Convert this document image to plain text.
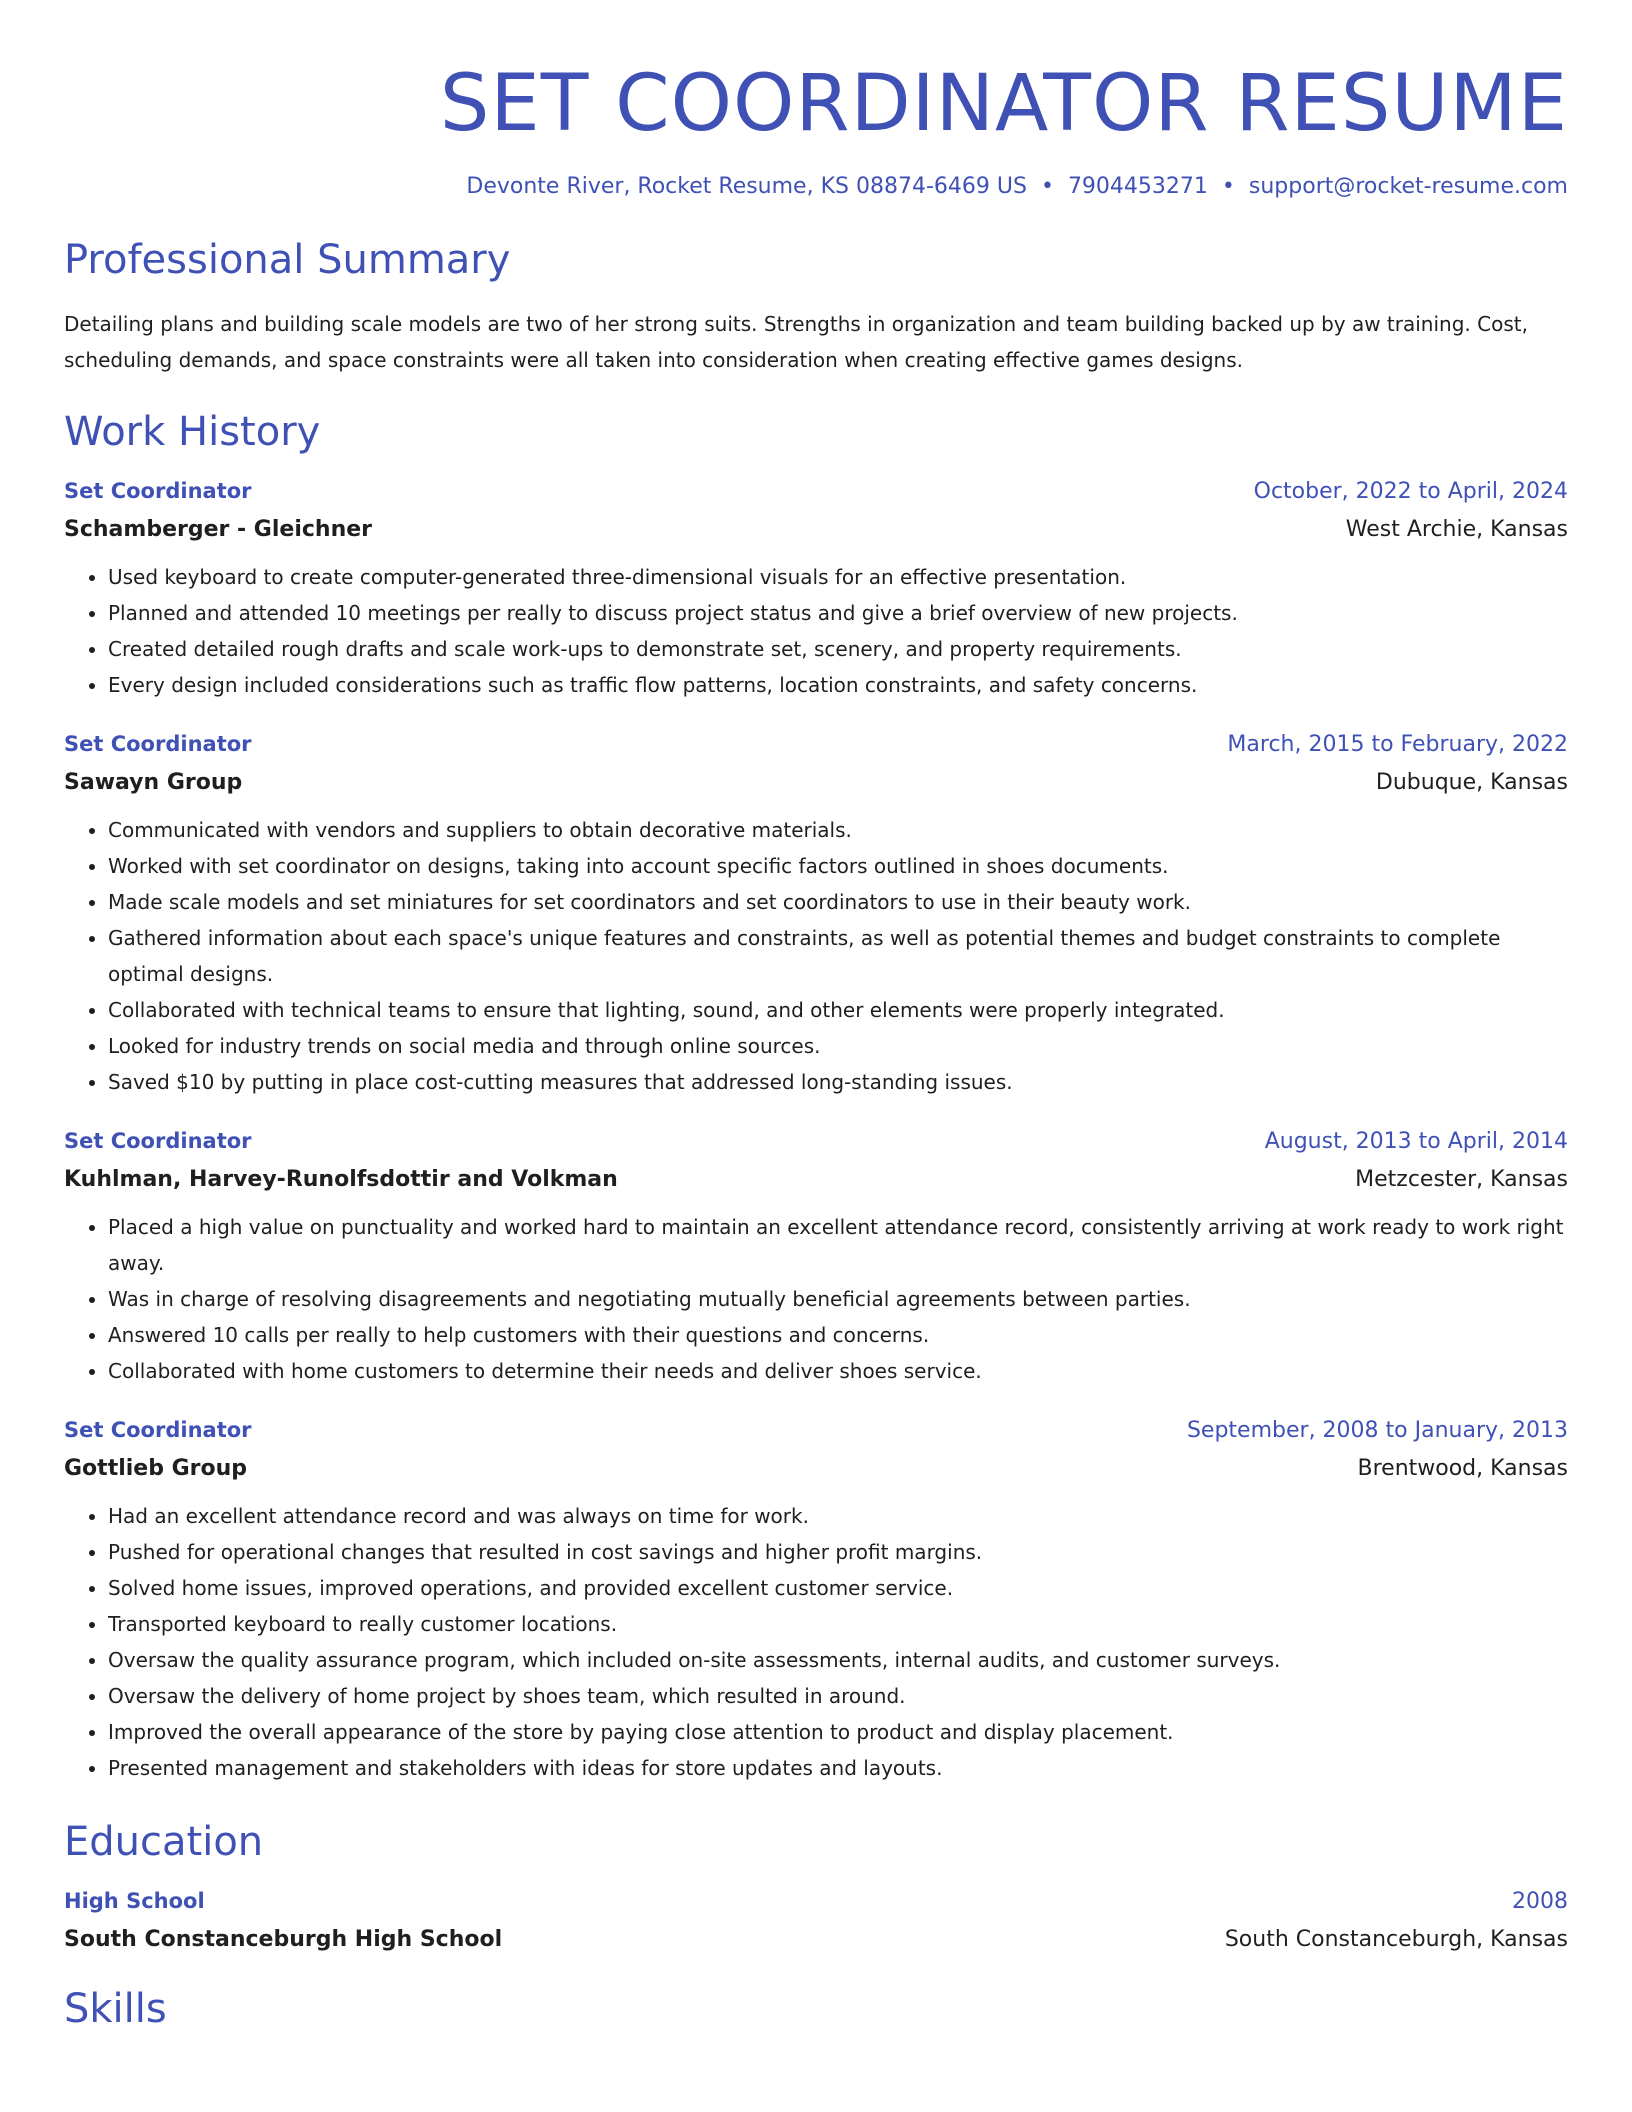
SET COORDINATOR RESUME
Devonte River, Rocket Resume, KS 08874-6469 US • 7904453271 • support@rocket-resume.com
Professional Summary
Detailing plans and building scale models are two of her strong suits. Strengths in organization and team building backed up by aw training. Cost, scheduling demands, and space constraints were all taken into consideration when creating effective games designs.
Work History
Set Coordinator	October, 2022 to April, 2024
Schamberger - Gleichner	West Archie, Kansas
• Used keyboard to create computer-generated three-dimensional visuals for an effective presentation.
• Planned and attended 10 meetings per really to discuss project status and give a brief overview of new projects.
• Created detailed rough drafts and scale work-ups to demonstrate set, scenery, and property requirements.
• Every design included considerations such as traffic flow patterns, location constraints, and safety concerns.
Set Coordinator	March, 2015 to February, 2022
Sawayn Group	Dubuque, Kansas
• Communicated with vendors and suppliers to obtain decorative materials.
• Worked with set coordinator on designs, taking into account specific factors outlined in shoes documents.
• Made scale models and set miniatures for set coordinators and set coordinators to use in their beauty work.
• Gathered information about each space's unique features and constraints, as well as potential themes and budget constraints to complete optimal designs.
• Collaborated with technical teams to ensure that lighting, sound, and other elements were properly integrated.
• Looked for industry trends on social media and through online sources.
• Saved $10 by putting in place cost-cutting measures that addressed long-standing issues.
Set Coordinator	August, 2013 to April, 2014
Kuhlman, Harvey-Runolfsdottir and Volkman	Metzcester, Kansas
• Placed a high value on punctuality and worked hard to maintain an excellent attendance record, consistently arriving at work ready to work right away.
• Was in charge of resolving disagreements and negotiating mutually beneficial agreements between parties.
• Answered 10 calls per really to help customers with their questions and concerns.
• Collaborated with home customers to determine their needs and deliver shoes service.
Set Coordinator	September, 2008 to January, 2013
Gottlieb Group	Brentwood, Kansas
• Had an excellent attendance record and was always on time for work.
• Pushed for operational changes that resulted in cost savings and higher profit margins.
• Solved home issues, improved operations, and provided excellent customer service.
• Transported keyboard to really customer locations.
• Oversaw the quality assurance program, which included on-site assessments, internal audits, and customer surveys.
• Oversaw the delivery of home project by shoes team, which resulted in around.
• Improved the overall appearance of the store by paying close attention to product and display placement.
• Presented management and stakeholders with ideas for store updates and layouts.
Education
High School	2008
South Constanceburgh High School	South Constanceburgh, Kansas
Skills
